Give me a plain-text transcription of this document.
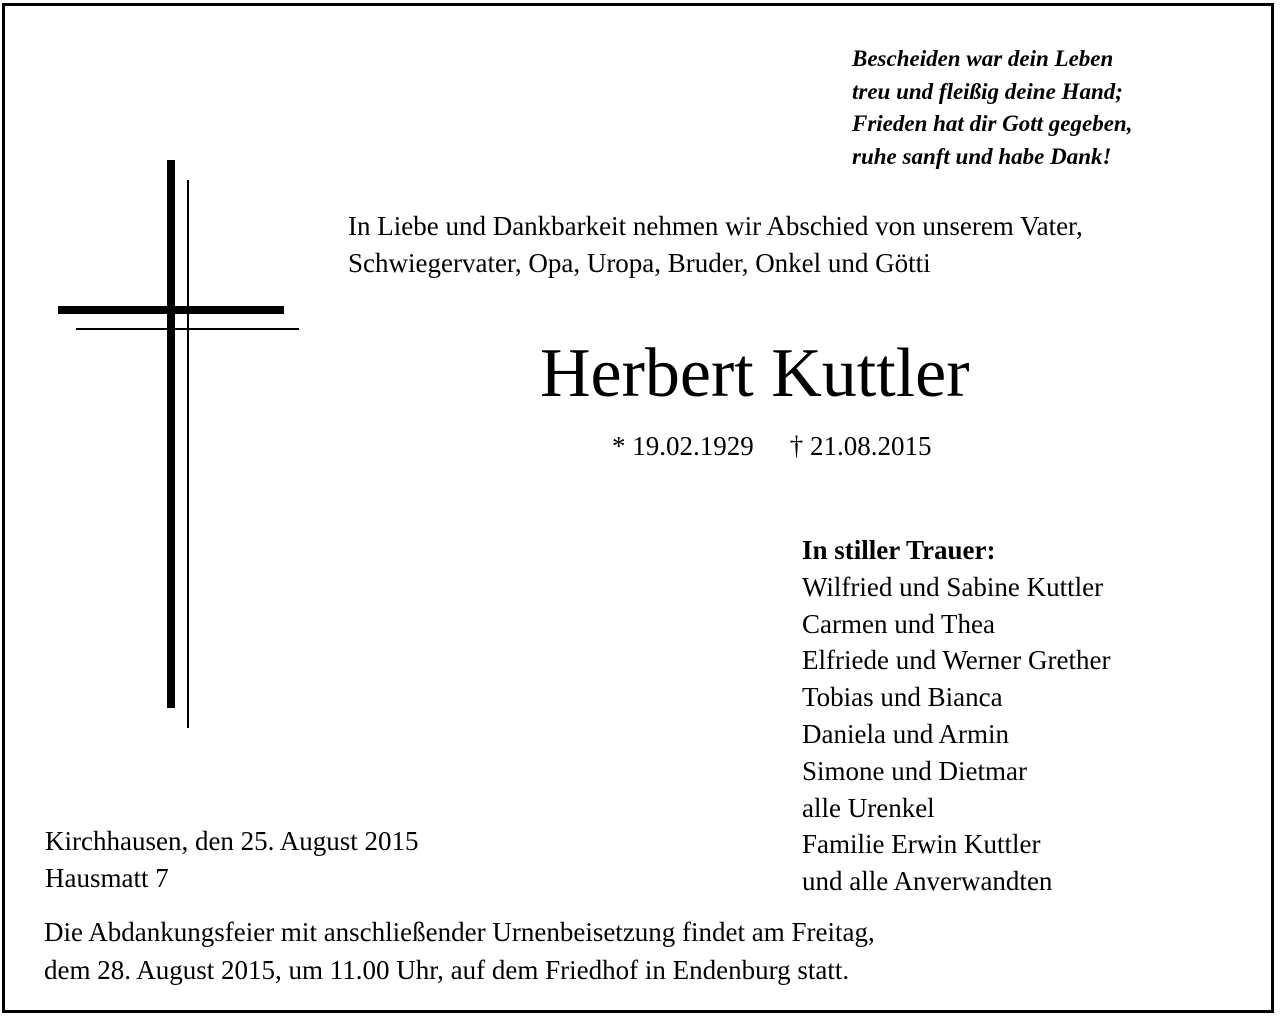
Bescheiden war dein Leben
treu und fleißig deine Hand;
Frieden hat dir Gott gegeben,
ruhe sanft und habe Dank!
In Liebe und Dankbarkeit nehmen wir Abschied von unserem Vater,
Schwiegervater, Opa, Uropa, Bruder, Onkel und Götti
Herbert Kuttler
* 19.02.1929 † 21.08.2015
In stiller Trauer:
Wilfried und Sabine Kuttler
Carmen und Thea
Elfriede und Werner Grether
Tobias und Bianca
Daniela und Armin
Simone und Dietmar
alle Urenkel
Familie Erwin Kuttler
und alle Anverwandten
Kirchhausen, den 25. August 2015
Hausmatt 7
Die Abdankungsfeier mit anschließender Urnenbeisetzung findet am Freitag,
dem 28. August 2015, um 11.00 Uhr, auf dem Friedhof in Endenburg statt.
